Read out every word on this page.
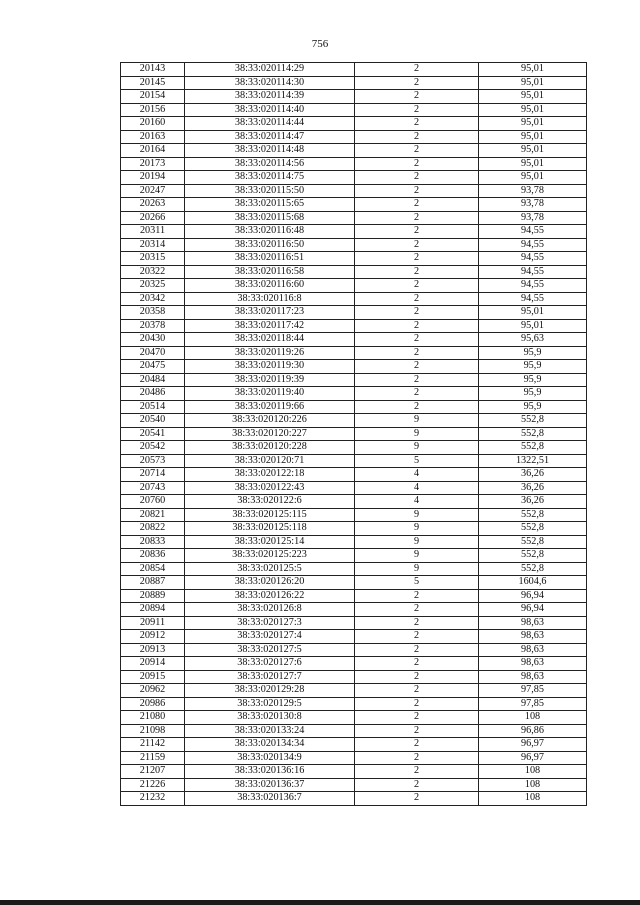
756
20143	38:33:020114:29	2	95,01
20145	38:33:020114:30	2	95,01
20154	38:33:020114:39	2	95,01
20156	38:33:020114:40	2	95,01
20160	38:33:020114:44	2	95,01
20163	38:33:020114:47	2	95,01
20164	38:33:020114:48	2	95,01
20173	38:33:020114:56	2	95,01
20194	38:33:020114:75	2	95,01
20247	38:33:020115:50	2	93,78
20263	38:33:020115:65	2	93,78
20266	38:33:020115:68	2	93,78
20311	38:33:020116:48	2	94,55
20314	38:33:020116:50	2	94,55
20315	38:33:020116:51	2	94,55
20322	38:33:020116:58	2	94,55
20325	38:33:020116:60	2	94,55
20342	38:33:020116:8	2	94,55
20358	38:33:020117:23	2	95,01
20378	38:33:020117:42	2	95,01
20430	38:33:020118:44	2	95,63
20470	38:33:020119:26	2	95,9
20475	38:33:020119:30	2	95,9
20484	38:33:020119:39	2	95,9
20486	38:33:020119:40	2	95,9
20514	38:33:020119:66	2	95,9
20540	38:33:020120:226	9	552,8
20541	38:33:020120:227	9	552,8
20542	38:33:020120:228	9	552,8
20573	38:33:020120:71	5	1322,51
20714	38:33:020122:18	4	36,26
20743	38:33:020122:43	4	36,26
20760	38:33:020122:6	4	36,26
20821	38:33:020125:115	9	552,8
20822	38:33:020125:118	9	552,8
20833	38:33:020125:14	9	552,8
20836	38:33:020125:223	9	552,8
20854	38:33:020125:5	9	552,8
20887	38:33:020126:20	5	1604,6
20889	38:33:020126:22	2	96,94
20894	38:33:020126:8	2	96,94
20911	38:33:020127:3	2	98,63
20912	38:33:020127:4	2	98,63
20913	38:33:020127:5	2	98,63
20914	38:33:020127:6	2	98,63
20915	38:33:020127:7	2	98,63
20962	38:33:020129:28	2	97,85
20986	38:33:020129:5	2	97,85
21080	38:33:020130:8	2	108
21098	38:33:020133:24	2	96,86
21142	38:33:020134:34	2	96,97
21159	38:33:020134:9	2	96,97
21207	38:33:020136:16	2	108
21226	38:33:020136:37	2	108
21232	38:33:020136:7	2	108
